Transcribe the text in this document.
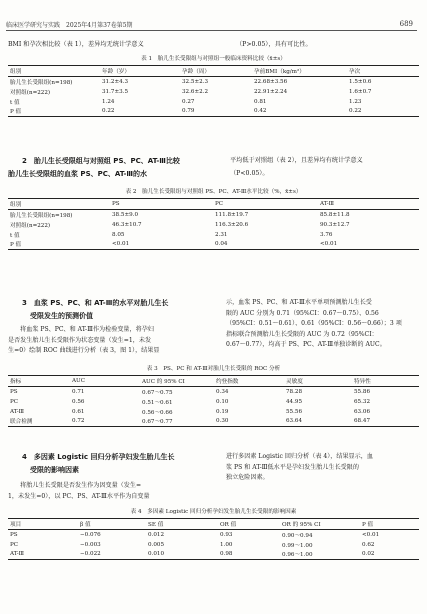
临床医学研究与实践　2025年4月第37卷第5期	689
BMI 和孕次相比较（表 1），差异均无统计学意义	（P>0.05），具有可比性。
表 1　胎儿生长受限组与对照组一般临床资料比较（x̄±s）
组别	年龄（岁）	孕龄（周）	孕前BMI（kg/m²）	孕次
胎儿生长受限组(n=198)	31.2±4.3	32.5±2.3	22.68±3.56	1.5±0.6
对照组(n=222)	31.7±3.5	32.6±2.2	22.91±2.24	1.6±0.7
t 值	1.24	0.27	0.81	1.23
P 值	0.22	0.79	0.42	0.22
2　胎儿生长受限组与对照组 PS、PC、AT-Ⅲ比较
胎儿生长受限组的血浆 PS、PC、AT-Ⅲ的水
平均低于对照组（表 2），且差异均有统计学意义
（P<0.05）。
表 2　胎儿生长受限组与对照组 PS、PC、AT-Ⅲ水平比较（%，x̄±s）
组别	PS	PC	AT-Ⅲ
胎儿生长受限组(n=198)	38.5±9.0	111.8±19.7	85.8±11.8
对照组(n=222)	46.3±10.7	116.3±20.6	90.3±12.7
t 值	8.05	2.31	3.76
P 值	<0.01	0.04	<0.01
3　血浆 PS、PC、和 AT-Ⅲ的水平对胎儿生长
受限发生的预测价值
　　将血浆 PS、PC、和 AT-Ⅲ作为检验变量，将孕妇
是否发生胎儿生长受限作为状态变量（发生=1，未发
生=0）绘制 ROC 曲线进行分析（表 3，图 1），结果显
示，血浆 PS、PC、和 AT-Ⅲ水平单项预测胎儿生长受
限的 AUC 分别为 0.71（95%CI：0.67～0.75）、0.56
（95%CI：0.51～0.61）、0.61（95%CI：0.56～0.66）；3 项
指标联合预测胎儿生长受限的 AUC 为 0.72（95%CI：
0.67～0.77），均高于 PS、PC、AT-Ⅲ单独诊断的 AUC。
表 3　PS、PC 和 AT-Ⅲ对胎儿生长受限的 ROC 分析
指标	AUC	AUC 的 95% CI	约登指数	灵敏度	特异性
PS	0.71	0.67～0.75	0.34	78.28	55.86
PC	0.56	0.51～0.61	0.10	44.95	65.32
AT-Ⅲ	0.61	0.56～0.66	0.19	55.56	63.06
联合检测	0.72	0.67～0.77	0.30	63.64	68.47
4　多因素 Logistic 回归分析孕妇发生胎儿生长
受限的影响因素
　　将胎儿生长受限是否发生作为因变量（发生=
1，未发生=0），以 PC、PS、AT-Ⅲ水平作为自变量
进行多因素 Logistic 回归分析（表 4），结果显示，血
浆 PS 和 AT-Ⅲ低水平是孕妇发生胎儿生长受限的
独立危险因素。
表 4　多因素 Logistic 回归分析孕妇发生胎儿生长受限的影响因素
项目	β 值	SE 值	OR 值	OR 的 95% CI	P 值
PS	−0.076	0.012	0.93	0.90～0.94	<0.01
PC	−0.003	0.005	1.00	0.99～1.00	0.62
AT-Ⅲ	−0.022	0.010	0.98	0.96～1.00	0.02
